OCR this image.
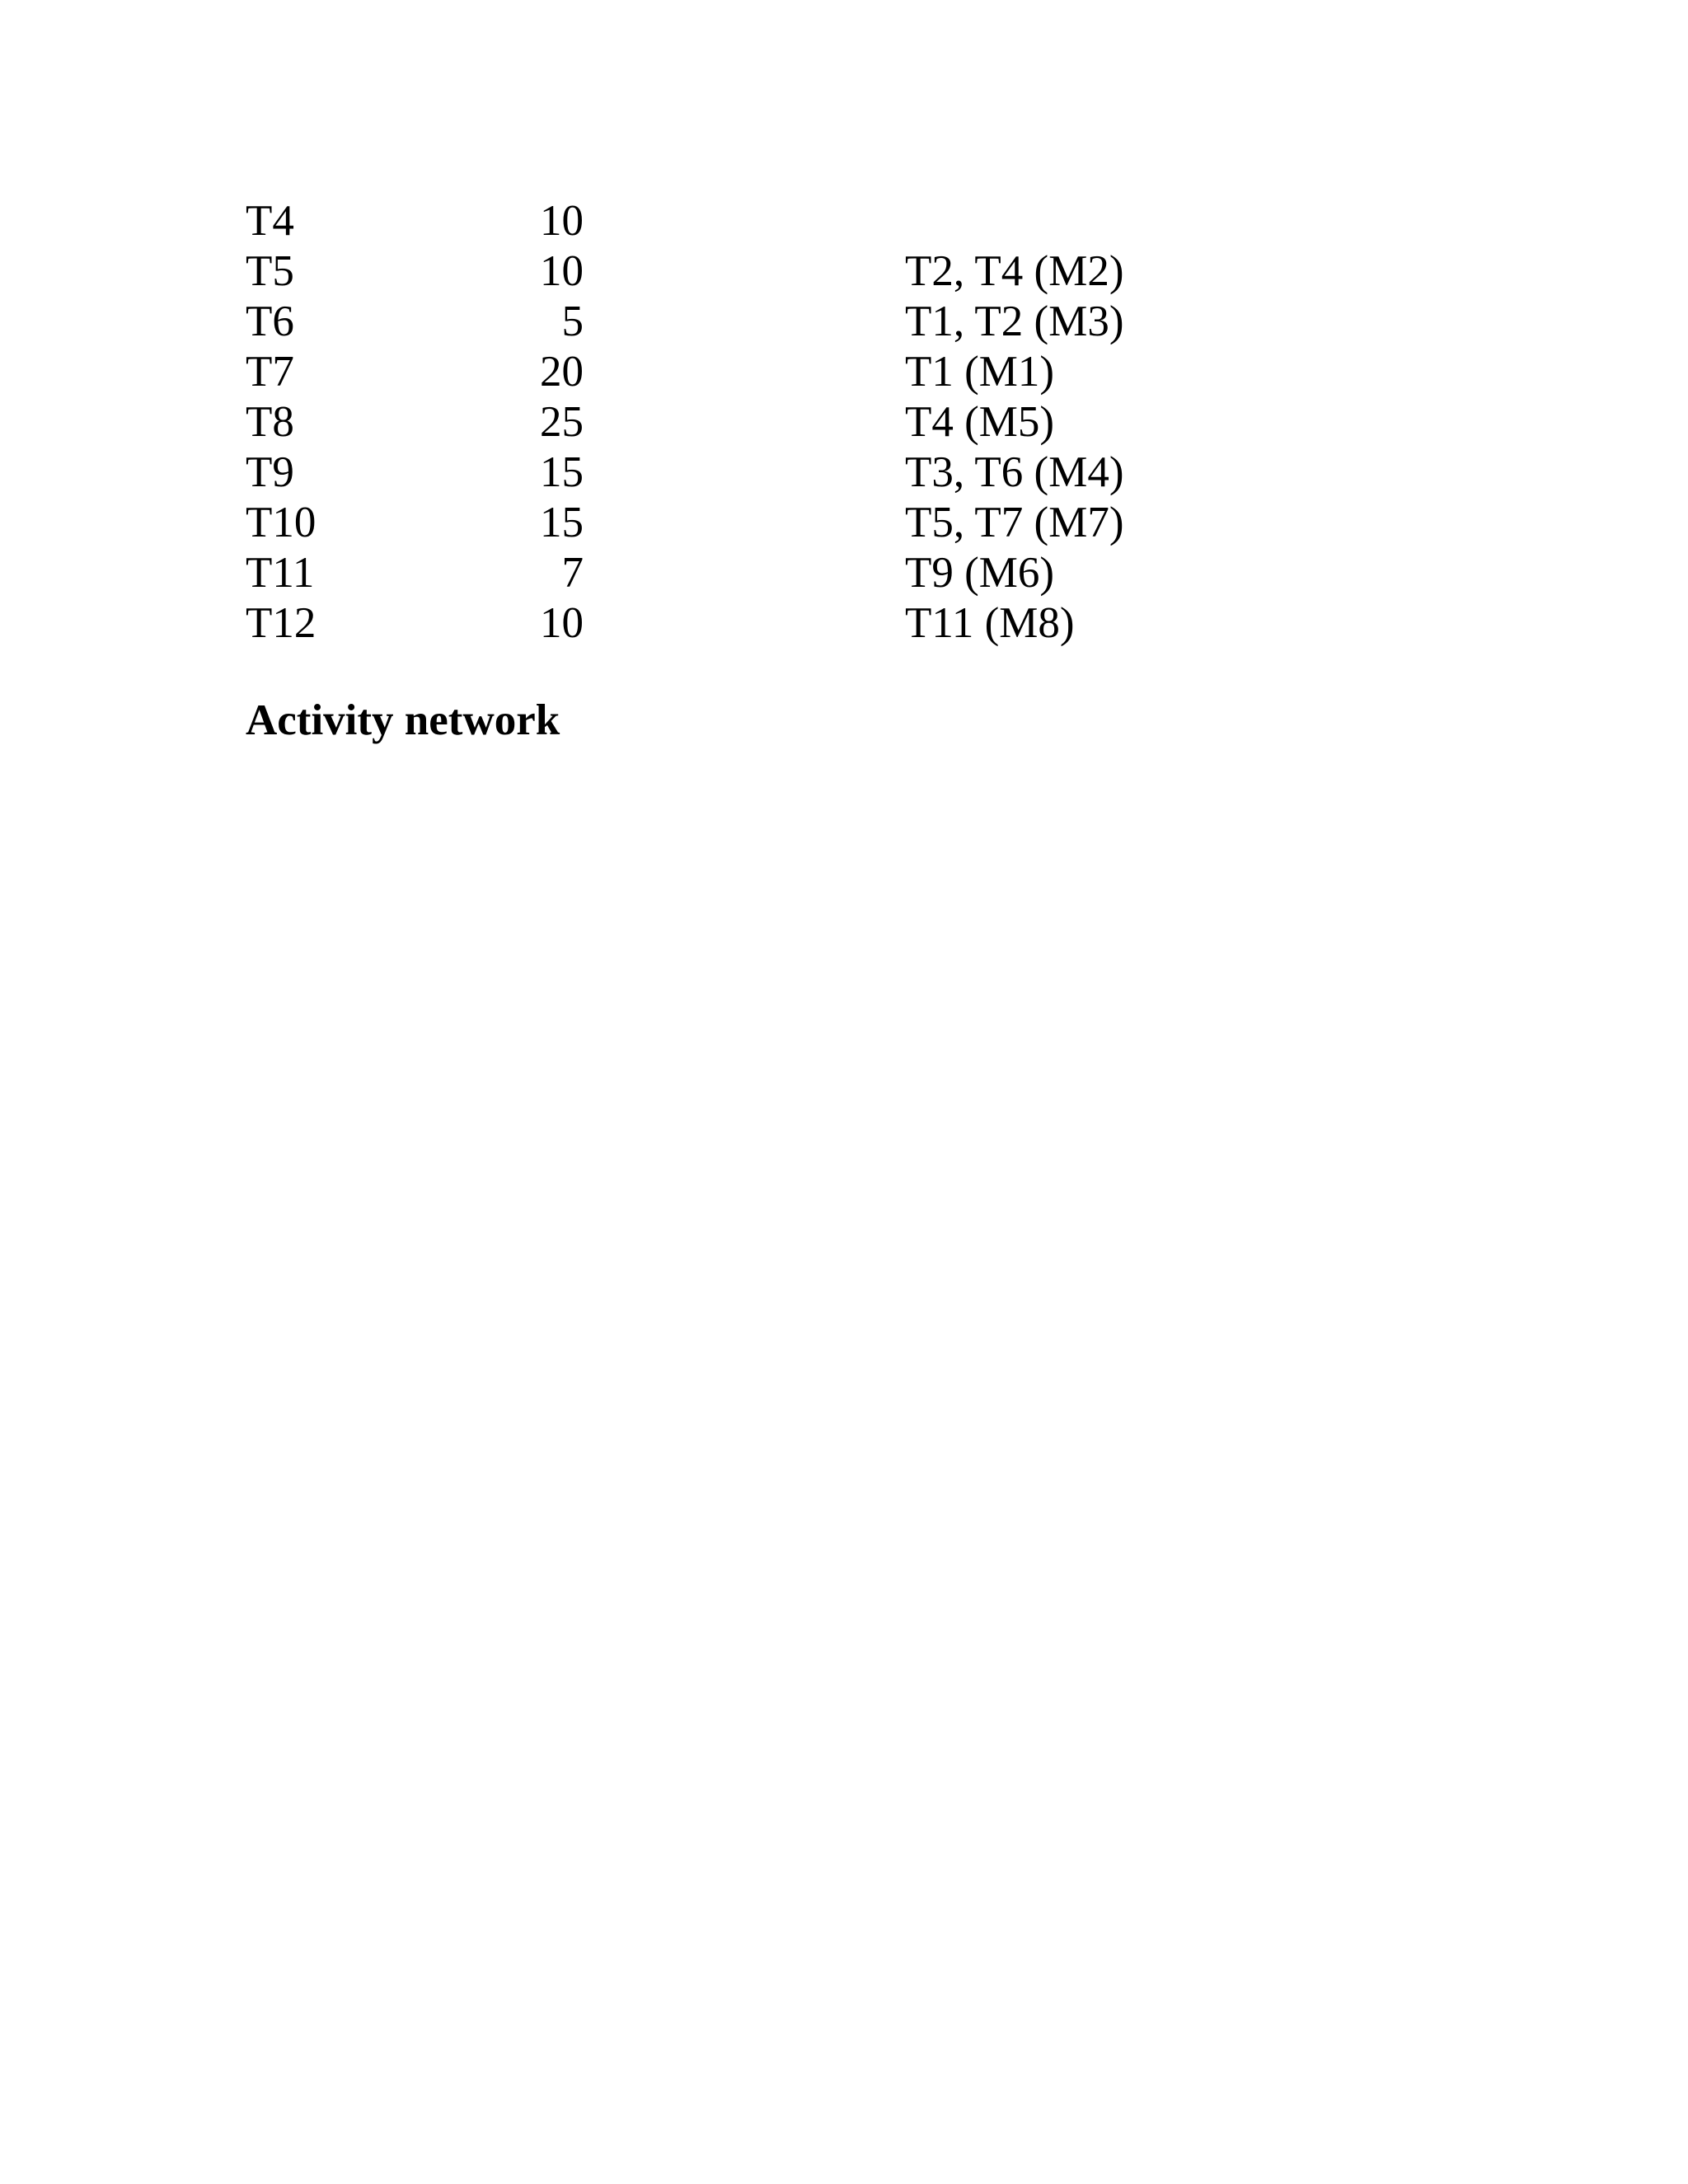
T4	10		
T5	10		T2, T4 (M2)
T6	5		T1, T2 (M3)
T7	20		T1 (M1)
T8	25		T4 (M5)
T9	15		T3, T6 (M4)
T10	15		T5, T7 (M7)
T11	7		T9 (M6)
T12	10		T11 (M8)
Activity network
